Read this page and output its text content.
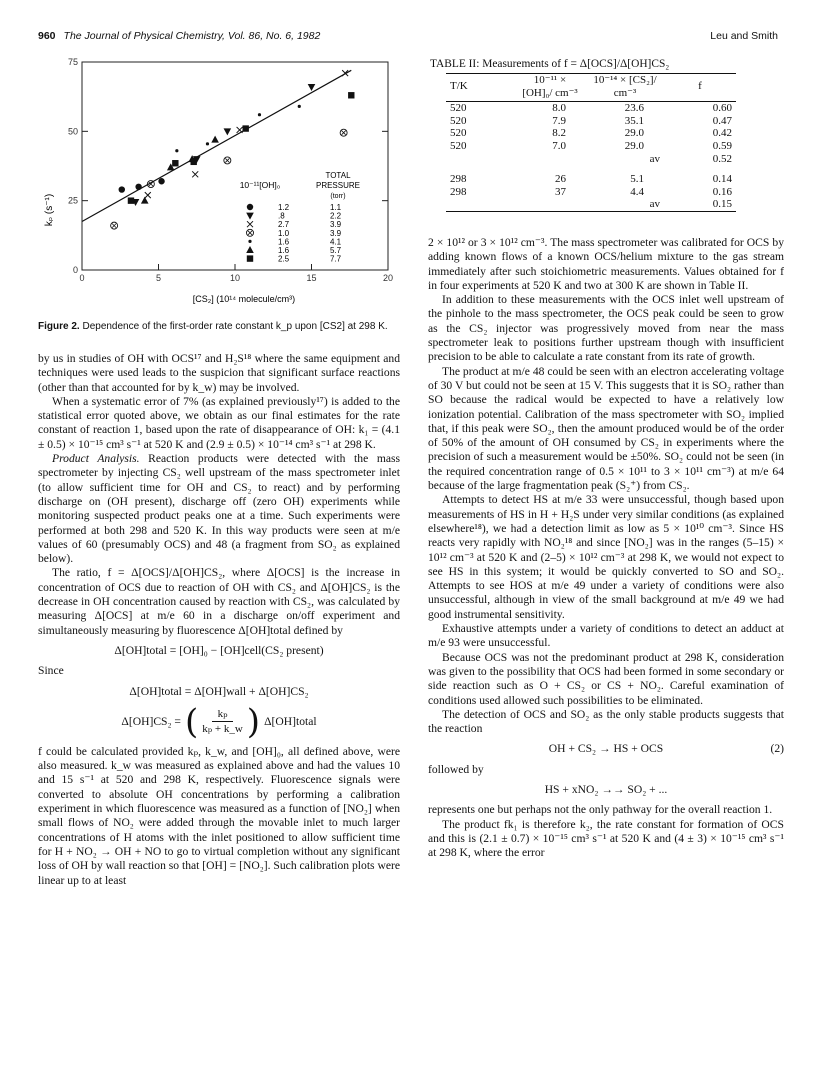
960 The Journal of Physical Chemistry, Vol. 86, No. 6, 1982	Leu and Smith
0	5	10	15	20
0
25
50
75
TOTAL
PRESSURE
(torr)
10⁻¹¹[OH]₀
1.2	1.1
.8	2.2
2.7	3.9
1.0	3.9
1.6	4.1
1.6	5.7
2.5	7.7
kₚ (s⁻¹)
[CS₂] (10¹⁴ molecule/cm³)
Figure 2. Dependence of the first-order rate constant k_p upon [CS2] at 298 K.

by us in studies of OH with OCS¹⁷ and H₂S¹⁸ where the same equipment and techniques were used leads to the suspicion that significant surface reactions (other than that accounted for by k_w) may be involved.

When a systematic error of 7% (as explained previously¹⁷) is added to the statistical error quoted above, we obtain as our final estimates for the rate constant of reaction 1, based upon the rate of disappearance of OH: k₁ = (4.1 ± 0.5) × 10⁻¹⁵ cm³ s⁻¹ at 520 K and (2.9 ± 0.5) × 10⁻¹⁴ cm³ s⁻¹ at 298 K.

Product Analysis. Reaction products were detected with the mass spectrometer by injecting CS₂ well upstream of the mass spectrometer inlet (to allow sufficient time for OH and CS₂ to react) and by performing discharge on (OH present), discharge off (zero OH) experiments while monitoring suspected product peaks one at a time. Such experiments were performed at both 298 and 520 K. In this way products were seen at m/e values of 60 (presumably OCS) and 48 (a fragment from SO₂ as explained below).

The ratio, f = Δ[OCS]/Δ[OH]CS₂, where Δ[OCS] is the increase in concentration of OCS due to reaction of OH with CS₂ and Δ[OH]CS₂ is the decrease in OH concentration caused by reaction with CS₂, was calculated by measuring Δ[OCS] at m/e 60 in a discharge on/off experiment and simultaneously measuring by fluorescence Δ[OH]total defined by

Δ[OH]total = [OH]₀ − [OH]cell(CS₂ present)

Since

Δ[OH]total = Δ[OH]wall + Δ[OH]CS₂
Δ[OH]CS₂ = ( $\frac{\text{kₚ}}{\text{kₚ + k\_w}}$ ) Δ[OH]total

f could be calculated provided kₚ, k_w, and [OH]₀, all defined above, were also measured. k_w was measured as explained above and had the values 10 and 15 s⁻¹ at 520 and 298 K, respectively. Fluorescence signals were converted to absolute OH concentrations by performing a calibration experiment in which fluorescence was measured as a function of [NO₂] when small flows of NO₂ were added through the movable inlet to much larger concentrations of H atoms with the inlet positioned to allow sufficient time for H + NO₂ → OH + NO to go to virtual completion without any significant loss of OH by wall reaction so that [OH] = [NO₂]. Such calibration plots were linear up to at least

TABLE II: Measurements of f = Δ[OCS]/Δ[OH]CS₂
T/K	10⁻¹¹ × [OH]₀/ cm⁻³	10⁻¹⁴ × [CS₂]/ cm⁻³	f
520	8.0	23.6	0.60
520	7.9	35.1	0.47
520	8.2	29.0	0.42
520	7.0	29.0	0.59
av			0.52

298	26	5.1	0.14
298	37	4.4	0.16
av			0.15

2 × 10¹² or 3 × 10¹² cm⁻³. The mass spectrometer was calibrated for OCS by adding known flows of a known OCS/helium mixture to the gas stream immediately after such stoichiometric measurements. Values obtained for f in four experiments at 520 K and two at 300 K are shown in Table II.

In addition to these measurements with the OCS inlet well upstream of the pinhole to the mass spectrometer, the OCS peak could be seen to grow as the CS₂ injector was progressively moved from near the mass spectrometer leak to positions further upstream though with insufficient precision to be able to calculate a rate constant from its rate of growth.

The product at m/e 48 could be seen with an electron accelerating voltage of 30 V but could not be seen at 15 V. This suggests that it is SO₂ rather than SO because the radical would be expected to have a relatively low ionization potential. Calibration of the mass spectrometer with SO₂ implied that, if this peak were SO₂, then the amount produced would be of the order of 50% of the amount of OH consumed by CS₂ in experiments where the precision of such a measurement would be ±50%. SO₂ could not be seen (in the required concentration range of 0.5 × 10¹¹ to 3 × 10¹¹ cm⁻³) at m/e 64 because of the large fragmentation peak (S₂⁺) from CS₂.

Attempts to detect HS at m/e 33 were unsuccessful, though based upon measurements of HS in H + H₂S under very similar conditions (as explained elsewhere¹⁸), we had a detection limit as low as 5 × 10¹⁰ cm⁻³. Since HS reacts very rapidly with NO₂¹⁸ and since [NO₂] was in the ranges (5–15) × 10¹² cm⁻³ at 520 K and (2–5) × 10¹² cm⁻³ at 298 K, we would not expect to see HS in this system; it would be quickly converted to SO and SO₂. Attempts to see HOS at m/e 49 under a variety of conditions were also unsuccessful, although in view of the small background at m/e 49 we had good instrumental sensitivity.

Exhaustive attempts under a variety of conditions to detect an adduct at m/e 93 were unsuccessful.

Because OCS was not the predominant product at 298 K, consideration was given to the possibility that OCS had been formed in some secondary or side reaction such as O + CS₂ or CS + NO₂. Careful examination of conditions used allowed such possibilities to be eliminated.

The detection of OCS and SO₂ as the only stable products suggests that the reaction

OH + CS₂ → HS + OCS	(2)

followed by

HS + xNO₂ →→ SO₂ + ...

represents one but perhaps not the only pathway for the overall reaction 1.

The product fk₁ is therefore k₂, the rate constant for formation of OCS and this is (2.1 ± 0.7) × 10⁻¹⁵ cm³ s⁻¹ at 520 K and (4 ± 3) × 10⁻¹⁵ cm³ s⁻¹ at 298 K, where the error
